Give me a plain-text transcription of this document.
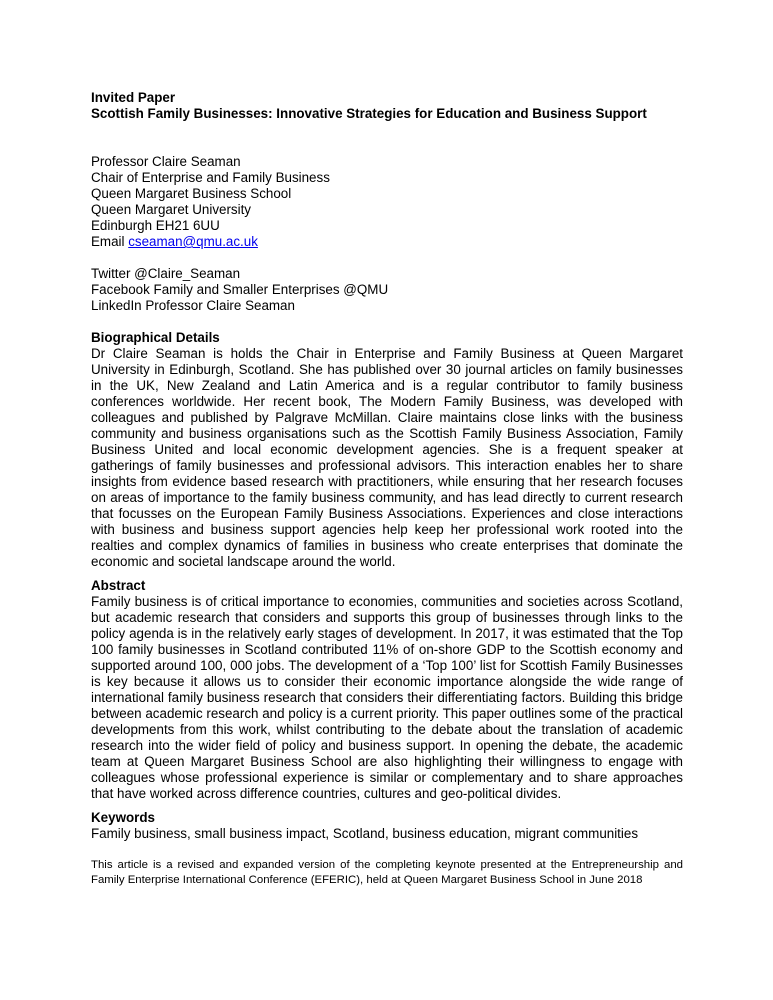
Invited Paper

Scottish Family Businesses: Innovative Strategies for Education and Business Support

Professor Claire Seaman

Chair of Enterprise and Family Business

Queen Margaret Business School

Queen Margaret University

Edinburgh EH21 6UU

Email cseaman@qmu.ac.uk

Twitter @Claire_Seaman

Facebook Family and Smaller Enterprises @QMU

LinkedIn Professor Claire Seaman

Biographical Details

Dr Claire Seaman is holds the Chair in Enterprise and Family Business at Queen Margaret University in Edinburgh, Scotland. She has published over 30 journal articles on family businesses in the UK, New Zealand and Latin America and is a regular contributor to family business conferences worldwide. Her recent book, The Modern Family Business, was developed with colleagues and published by Palgrave McMillan. Claire maintains close links with the business community and business organisations such as the Scottish Family Business Association, Family Business United and local economic development agencies. She is a frequent speaker at gatherings of family businesses and professional advisors. This interaction enables her to share insights from evidence based research with practitioners, while ensuring that her research focuses on areas of importance to the family business community, and has lead directly to current research that focusses on the European Family Business Associations. Experiences and close interactions with business and business support agencies help keep her professional work rooted into the realties and complex dynamics of families in business who create enterprises that dominate the economic and societal landscape around the world.

Abstract

Family business is of critical importance to economies, communities and societies across Scotland, but academic research that considers and supports this group of businesses through links to the policy agenda is in the relatively early stages of development. In 2017, it was estimated that the Top 100 family businesses in Scotland contributed 11% of on-shore GDP to the Scottish economy and supported around 100, 000 jobs. The development of a ‘Top 100’ list for Scottish Family Businesses is key because it allows us to consider their economic importance alongside the wide range of international family business research that considers their differentiating factors. Building this bridge between academic research and policy is a current priority. This paper outlines some of the practical developments from this work, whilst contributing to the debate about the translation of academic research into the wider field of policy and business support. In opening the debate, the academic team at Queen Margaret Business School are also highlighting their willingness to engage with colleagues whose professional experience is similar or complementary and to share approaches that have worked across difference countries, cultures and geo-political divides.

Keywords

Family business, small business impact, Scotland, business education, migrant communities

This article is a revised and expanded version of the completing keynote presented at the Entrepreneurship and Family Enterprise International Conference (EFERIC), held at Queen Margaret Business School in June 2018
